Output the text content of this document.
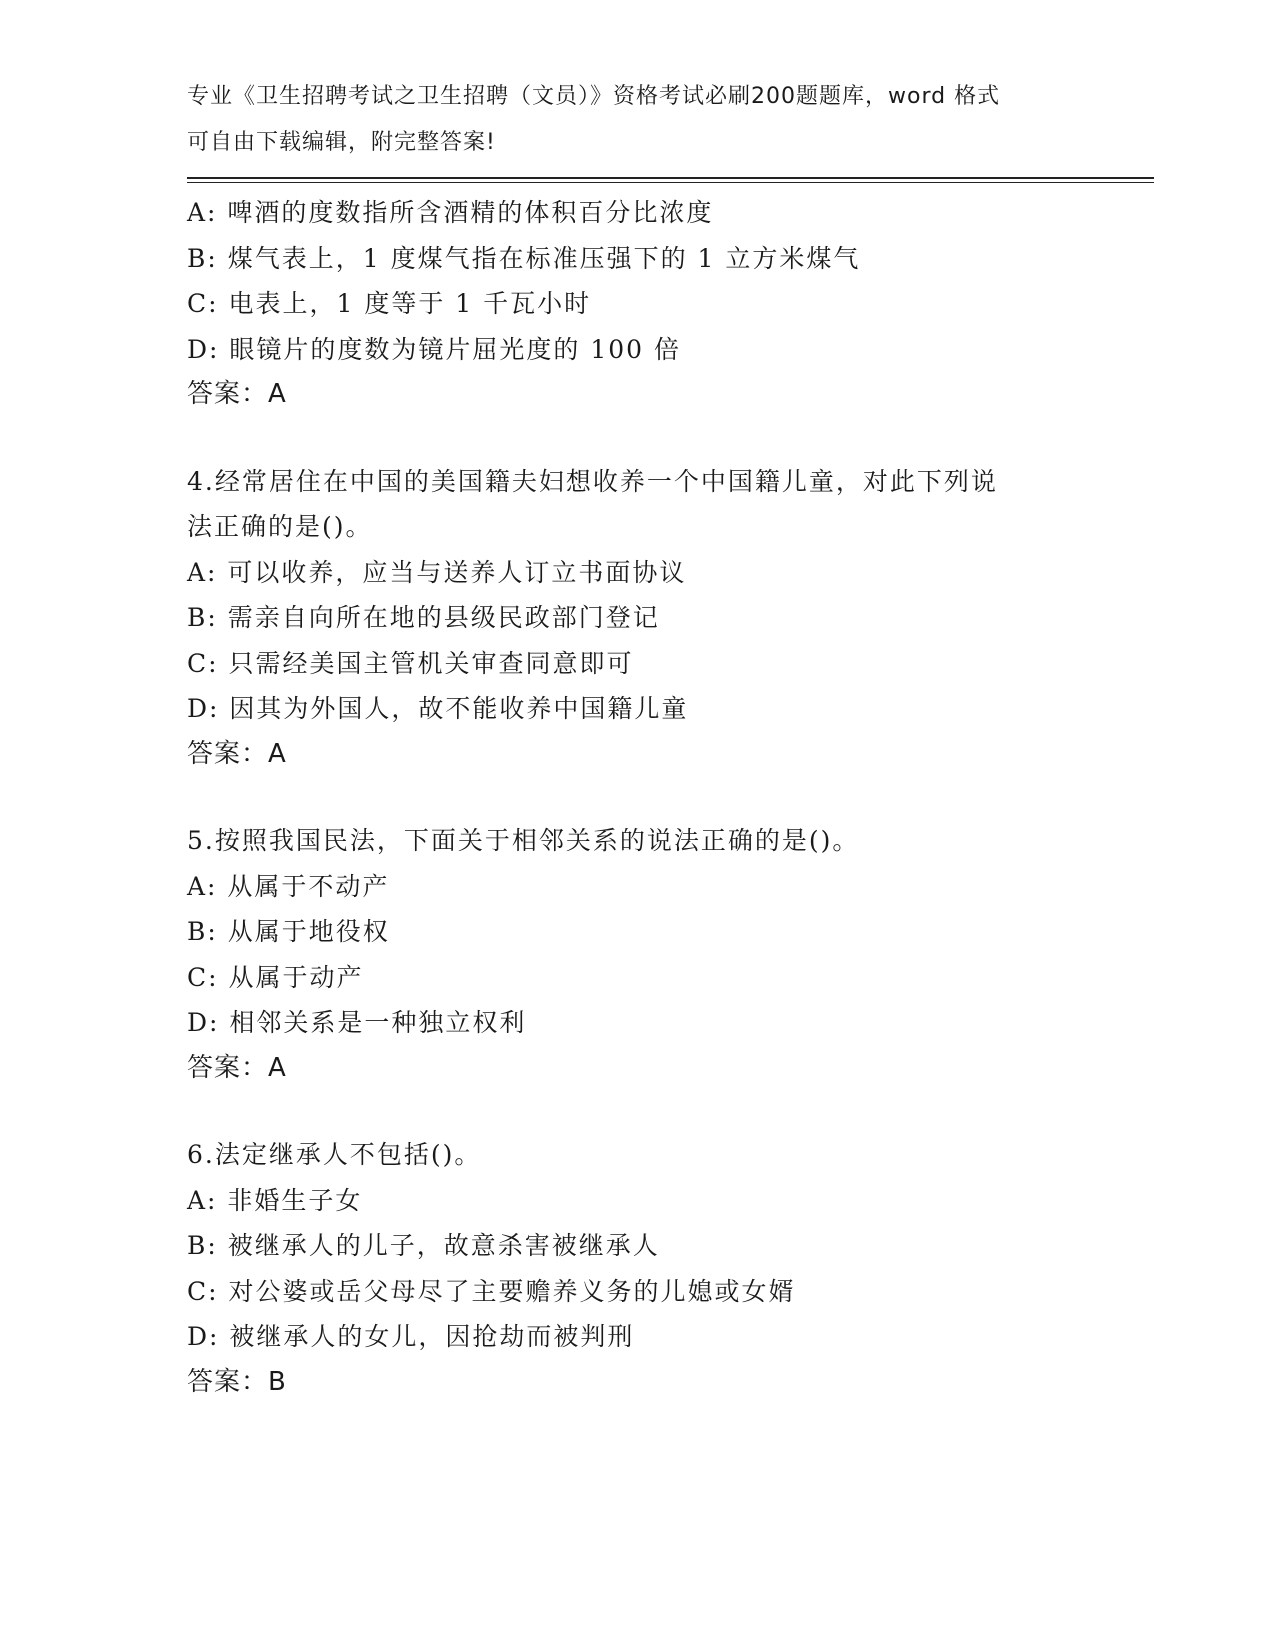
专业《卫生招聘考试之卫生招聘（文员）》资格考试必刷200题题库，word 格式
可自由下载编辑，附完整答案!
A: 啤酒的度数指所含酒精的体积百分比浓度
B: 煤气表上，1 度煤气指在标准压强下的 1 立方米煤气
C: 电表上，1 度等于 1 千瓦小时
D: 眼镜片的度数为镜片屈光度的 100 倍
答案：A
4.经常居住在中国的美国籍夫妇想收养一个中国籍儿童，对此下列说
法正确的是()。
A: 可以收养，应当与送养人订立书面协议
B: 需亲自向所在地的县级民政部门登记
C: 只需经美国主管机关审查同意即可
D: 因其为外国人，故不能收养中国籍儿童
答案：A
5.按照我国民法，下面关于相邻关系的说法正确的是()。
A: 从属于不动产
B: 从属于地役权
C: 从属于动产
D: 相邻关系是一种独立权利
答案：A
6.法定继承人不包括()。
A: 非婚生子女
B: 被继承人的儿子，故意杀害被继承人
C: 对公婆或岳父母尽了主要赡养义务的儿媳或女婿
D: 被继承人的女儿，因抢劫而被判刑
答案：B
